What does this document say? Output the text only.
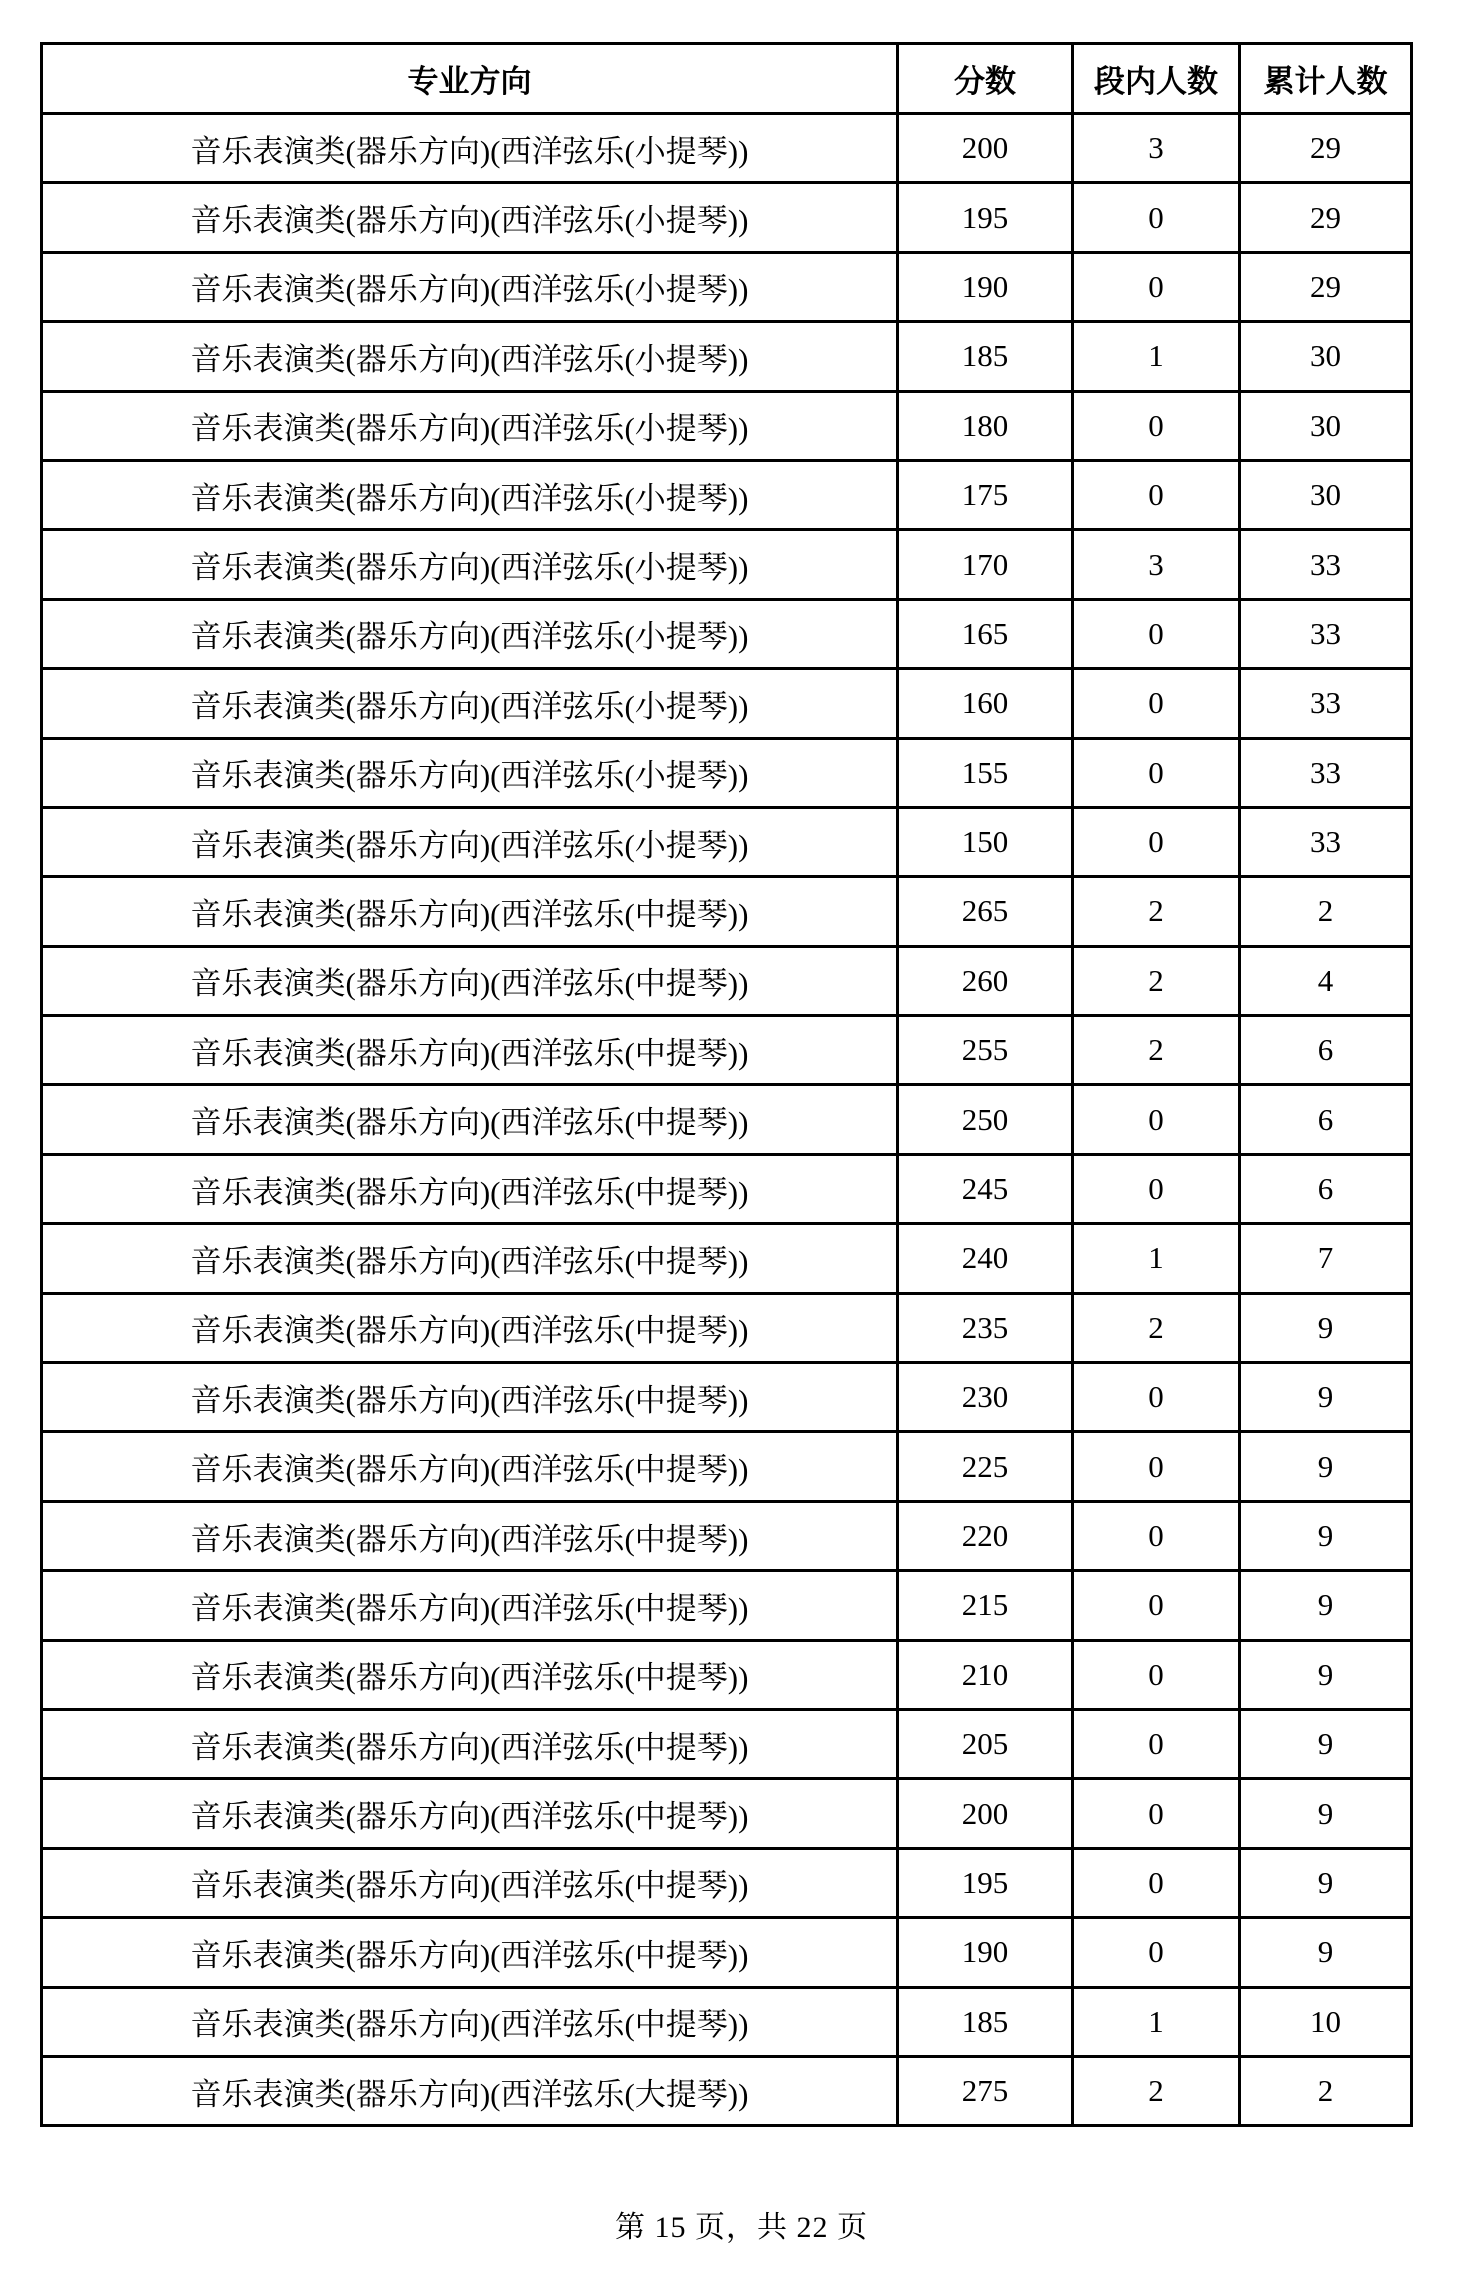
专业方向	分数	段内人数	累计人数
音乐表演类(器乐方向)(西洋弦乐(小提琴))	200	3	29
音乐表演类(器乐方向)(西洋弦乐(小提琴))	195	0	29
音乐表演类(器乐方向)(西洋弦乐(小提琴))	190	0	29
音乐表演类(器乐方向)(西洋弦乐(小提琴))	185	1	30
音乐表演类(器乐方向)(西洋弦乐(小提琴))	180	0	30
音乐表演类(器乐方向)(西洋弦乐(小提琴))	175	0	30
音乐表演类(器乐方向)(西洋弦乐(小提琴))	170	3	33
音乐表演类(器乐方向)(西洋弦乐(小提琴))	165	0	33
音乐表演类(器乐方向)(西洋弦乐(小提琴))	160	0	33
音乐表演类(器乐方向)(西洋弦乐(小提琴))	155	0	33
音乐表演类(器乐方向)(西洋弦乐(小提琴))	150	0	33
音乐表演类(器乐方向)(西洋弦乐(中提琴))	265	2	2
音乐表演类(器乐方向)(西洋弦乐(中提琴))	260	2	4
音乐表演类(器乐方向)(西洋弦乐(中提琴))	255	2	6
音乐表演类(器乐方向)(西洋弦乐(中提琴))	250	0	6
音乐表演类(器乐方向)(西洋弦乐(中提琴))	245	0	6
音乐表演类(器乐方向)(西洋弦乐(中提琴))	240	1	7
音乐表演类(器乐方向)(西洋弦乐(中提琴))	235	2	9
音乐表演类(器乐方向)(西洋弦乐(中提琴))	230	0	9
音乐表演类(器乐方向)(西洋弦乐(中提琴))	225	0	9
音乐表演类(器乐方向)(西洋弦乐(中提琴))	220	0	9
音乐表演类(器乐方向)(西洋弦乐(中提琴))	215	0	9
音乐表演类(器乐方向)(西洋弦乐(中提琴))	210	0	9
音乐表演类(器乐方向)(西洋弦乐(中提琴))	205	0	9
音乐表演类(器乐方向)(西洋弦乐(中提琴))	200	0	9
音乐表演类(器乐方向)(西洋弦乐(中提琴))	195	0	9
音乐表演类(器乐方向)(西洋弦乐(中提琴))	190	0	9
音乐表演类(器乐方向)(西洋弦乐(中提琴))	185	1	10
音乐表演类(器乐方向)(西洋弦乐(大提琴))	275	2	2
第 15 页，共 22 页
